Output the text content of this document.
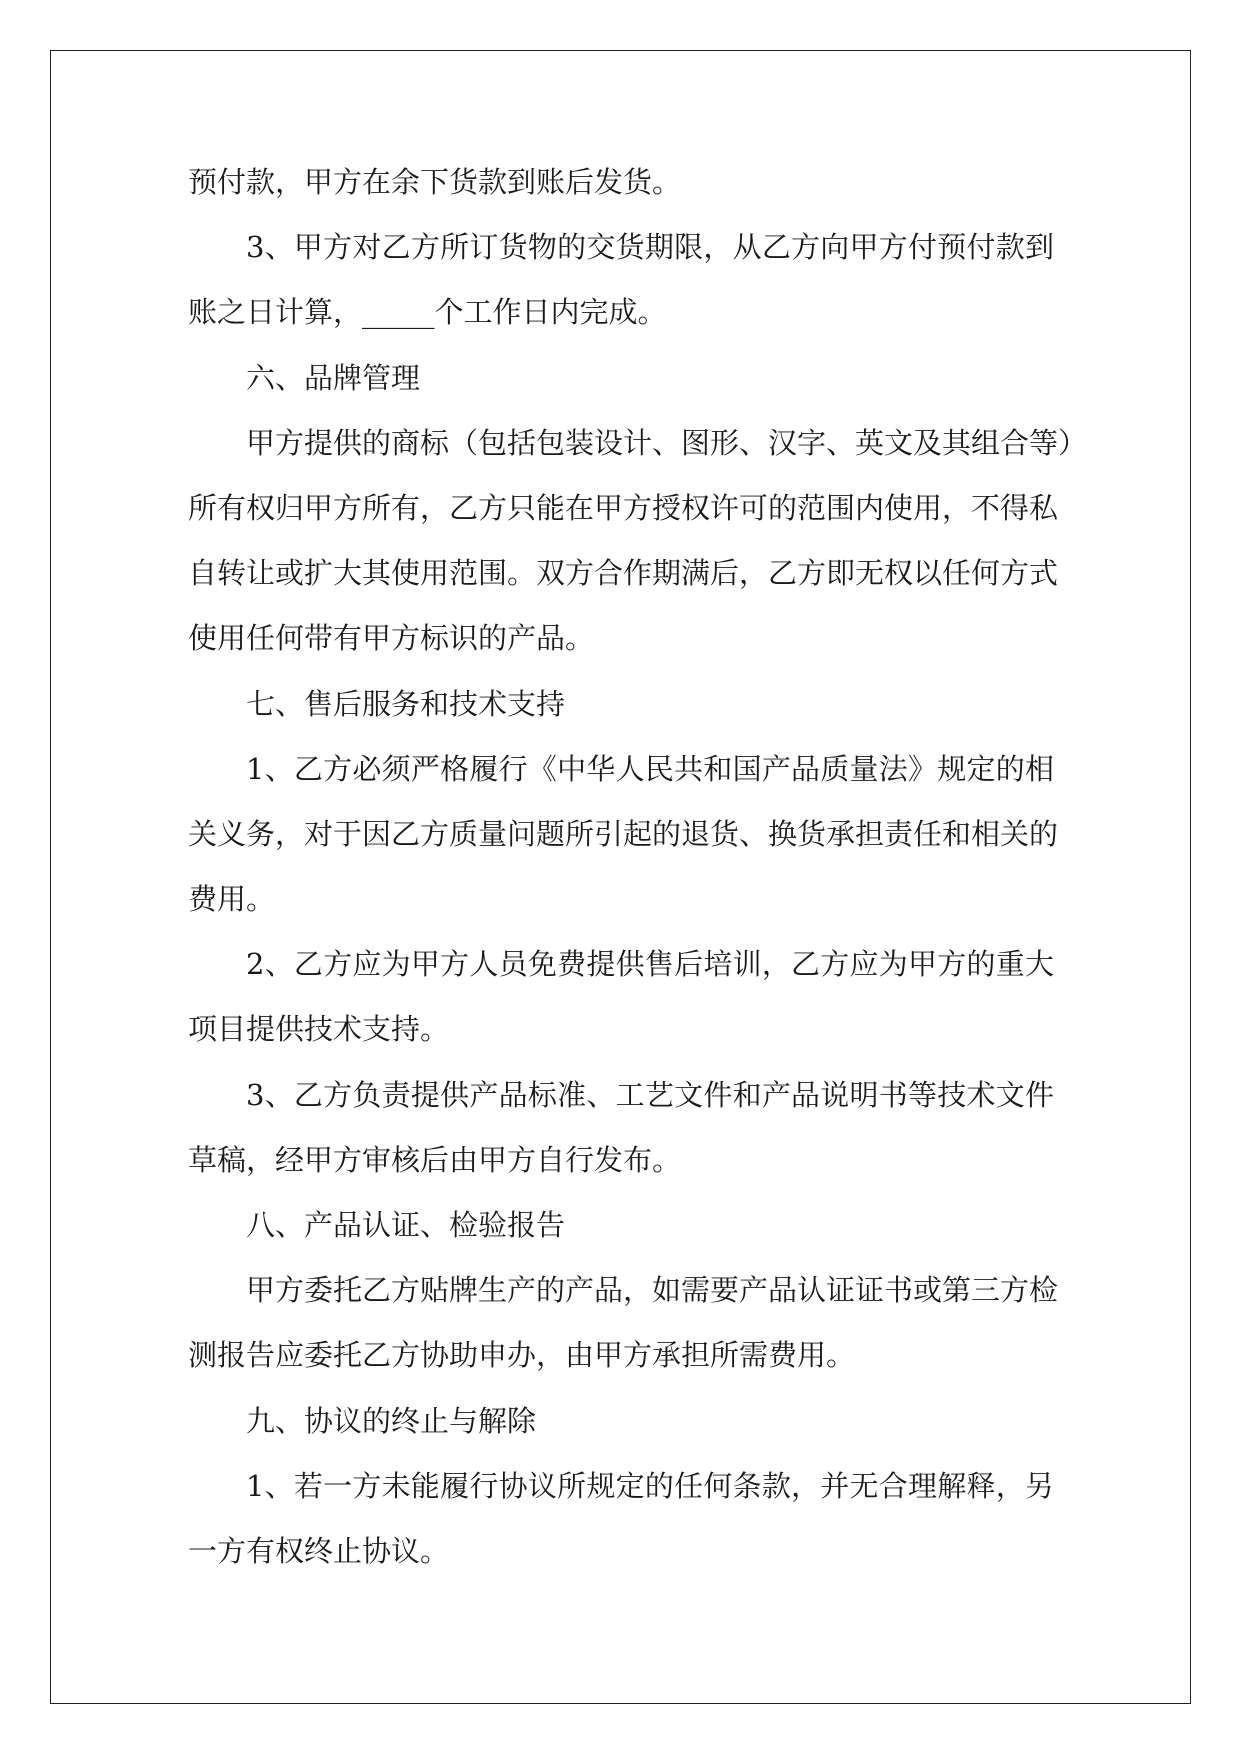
预付款，甲方在余下货款到账后发货。
3、甲方对乙方所订货物的交货期限，从乙方向甲方付预付款到
账之日计算，_____个工作日内完成。
六、品牌管理
甲方提供的商标（包括包装设计、图形、汉字、英文及其组合等）
所有权归甲方所有，乙方只能在甲方授权许可的范围内使用，不得私
自转让或扩大其使用范围。双方合作期满后，乙方即无权以任何方式
使用任何带有甲方标识的产品。
七、售后服务和技术支持
1、乙方必须严格履行《中华人民共和国产品质量法》规定的相
关义务，对于因乙方质量问题所引起的退货、换货承担责任和相关的
费用。
2、乙方应为甲方人员免费提供售后培训，乙方应为甲方的重大
项目提供技术支持。
3、乙方负责提供产品标准、工艺文件和产品说明书等技术文件
草稿，经甲方审核后由甲方自行发布。
八、产品认证、检验报告
甲方委托乙方贴牌生产的产品，如需要产品认证证书或第三方检
测报告应委托乙方协助申办，由甲方承担所需费用。
九、协议的终止与解除
1、若一方未能履行协议所规定的任何条款，并无合理解释，另
一方有权终止协议。
